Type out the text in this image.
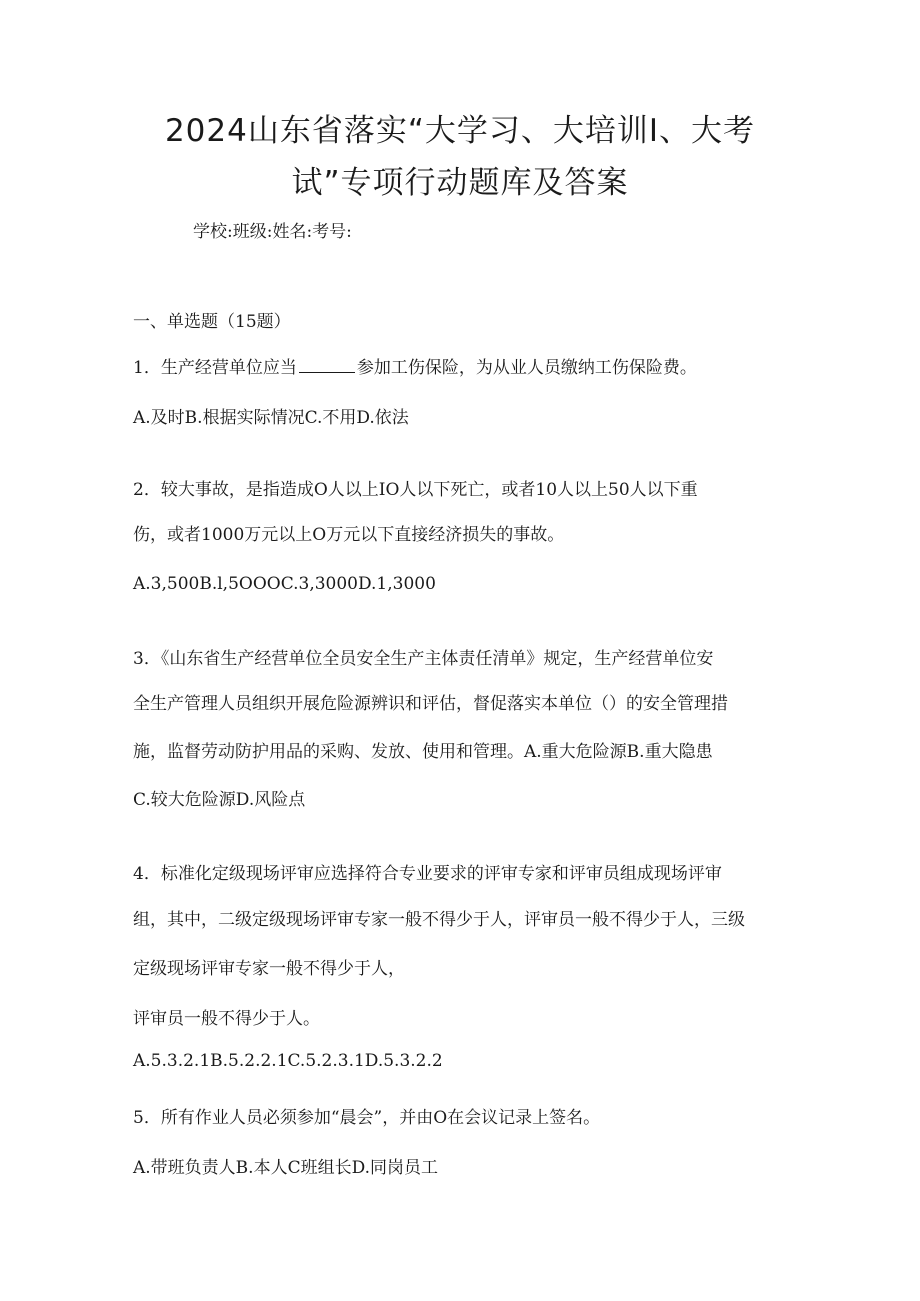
2024山东省落实“大学习、大培训I、大考
试”专项行动题库及答案
学校:班级:姓名:考号:
一、单选题（15题）
1．生产经营单位应当	参加工伤保险，为从业人员缴纳工伤保险费。
A.及时B.根据实际情况C.不用D.依法
2．较大事故，是指造成O人以上IO人以下死亡，或者10人以上50人以下重
伤，或者1000万元以上O万元以下直接经济损失的事故。
A.3,500B.l,5OOOC.3,3000D.1,3000
3．《山东省生产经营单位全员安全生产主体责任清单》规定，生产经营单位安
全生产管理人员组织开展危险源辨识和评估，督促落实本单位（）的安全管理措
施，监督劳动防护用品的采购、发放、使用和管理。A.重大危险源B.重大隐患
C.较大危险源D.风险点
4．标准化定级现场评审应选择符合专业要求的评审专家和评审员组成现场评审
组，其中，二级定级现场评审专家一般不得少于人，评审员一般不得少于人，三级
定级现场评审专家一般不得少于人，
评审员一般不得少于人。
A.5.3.2.1B.5.2.2.1C.5.2.3.1D.5.3.2.2
5．所有作业人员必须参加“晨会”，并由O在会议记录上签名。
A.带班负责人B.本人C班组长D.同岗员工
